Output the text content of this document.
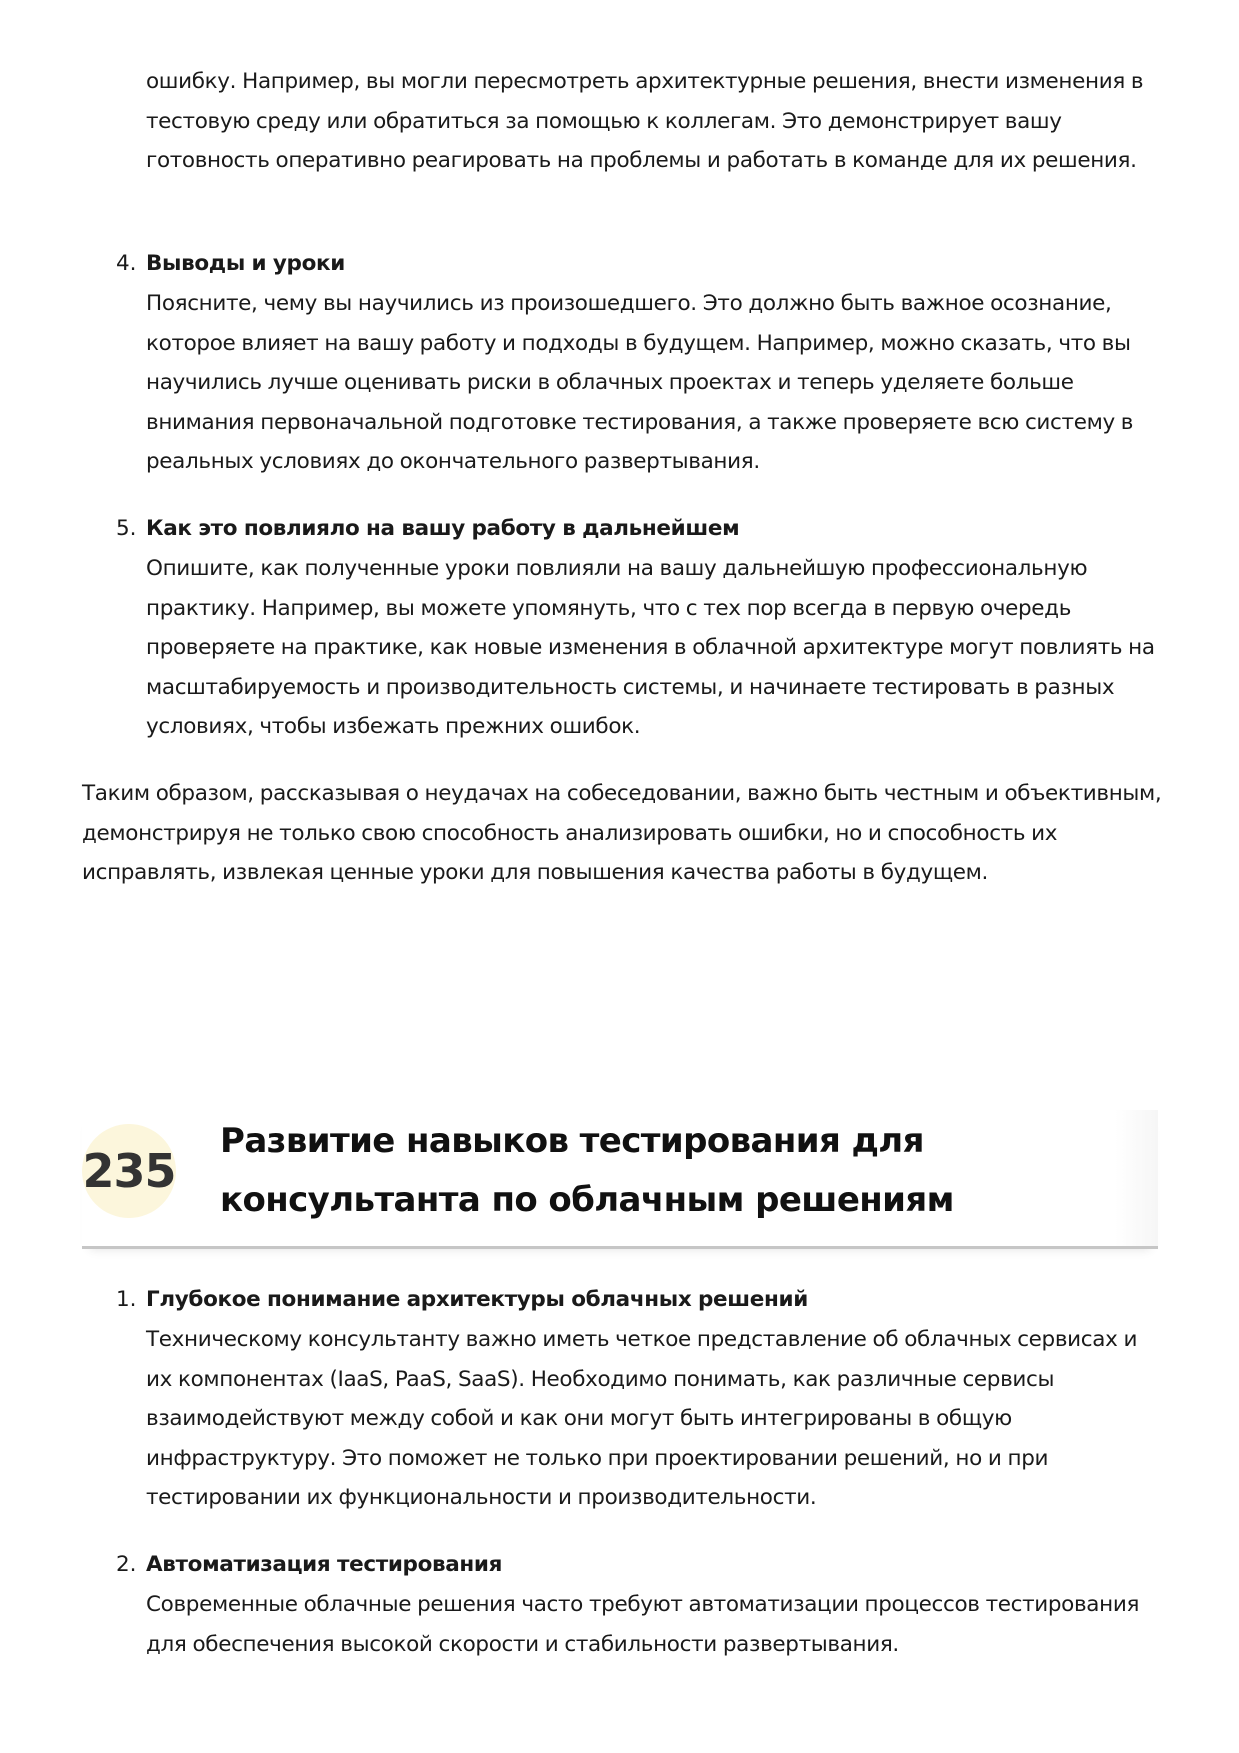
ошибку. Например, вы могли пересмотреть архитектурные решения, внести изменения в тестовую среду или обратиться за помощью к коллегам. Это демонстрирует вашу готовность оперативно реагировать на проблемы и работать в команде для их решения.

4. Выводы и уроки

Поясните, чему вы научились из произошедшего. Это должно быть важное осознание, которое влияет на вашу работу и подходы в будущем. Например, можно сказать, что вы научились лучше оценивать риски в облачных проектах и теперь уделяете больше внимания первоначальной подготовке тестирования, а также проверяете всю систему в реальных условиях до окончательного развертывания.

5. Как это повлияло на вашу работу в дальнейшем

Опишите, как полученные уроки повлияли на вашу дальнейшую профессиональную практику. Например, вы можете упомянуть, что с тех пор всегда в первую очередь проверяете на практике, как новые изменения в облачной архитектуре могут повлиять на масштабируемость и производительность системы, и начинаете тестировать в разных условиях, чтобы избежать прежних ошибок.

Таким образом, рассказывая о неудачах на собеседовании, важно быть честным и объективным, демонстрируя не только свою способность анализировать ошибки, но и способность их исправлять, извлекая ценные уроки для повышения качества работы в будущем.

235
Развитие навыков тестирования для консультанта по облачным решениям
1. Глубокое понимание архитектуры облачных решений

Техническому консультанту важно иметь четкое представление об облачных сервисах и их компонентах (IaaS, PaaS, SaaS). Необходимо понимать, как различные сервисы взаимодействуют между собой и как они могут быть интегрированы в общую инфраструктуру. Это поможет не только при проектировании решений, но и при тестировании их функциональности и производительности.

2. Автоматизация тестирования

Современные облачные решения часто требуют автоматизации процессов тестирования для обеспечения высокой скорости и стабильности развертывания.
